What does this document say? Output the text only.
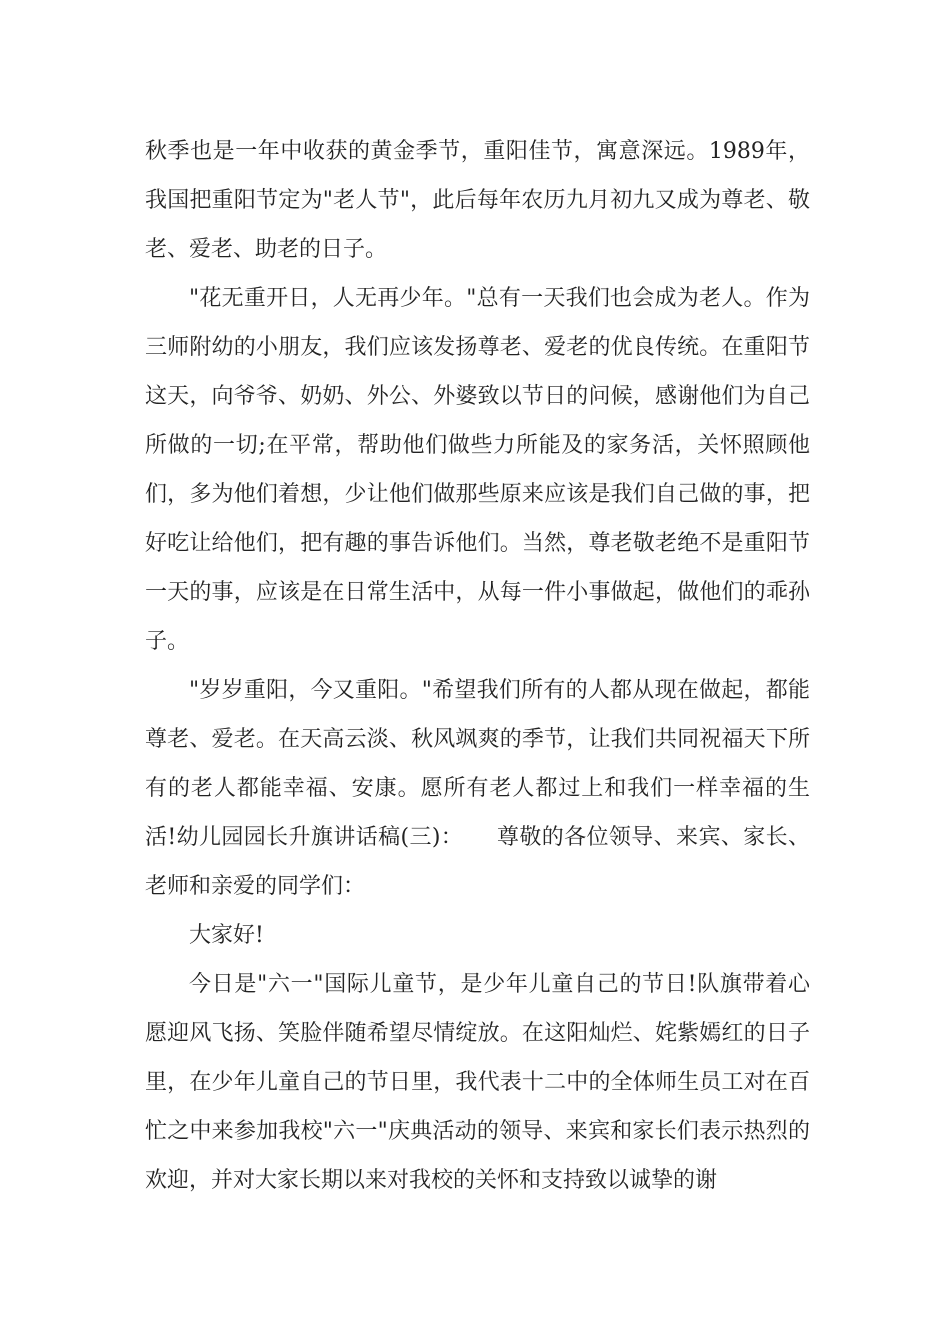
秋季也是一年中收获的黄金季节，重阳佳节，寓意深远。1989年，我国把重阳节定为"老人节"，此后每年农历九月初九又成为尊老、敬老、爱老、助老的日子。

"花无重开日，人无再少年。"总有一天我们也会成为老人。作为三师附幼的小朋友，我们应该发扬尊老、爱老的优良传统。在重阳节这天，向爷爷、奶奶、外公、外婆致以节日的问候，感谢他们为自己所做的一切;在平常，帮助他们做些力所能及的家务活，关怀照顾他们，多为他们着想，少让他们做那些原来应该是我们自己做的事，把好吃让给他们，把有趣的事告诉他们。当然，尊老敬老绝不是重阳节一天的事，应该是在日常生活中，从每一件小事做起，做他们的乖孙子。

"岁岁重阳，今又重阳。"希望我们所有的人都从现在做起，都能尊老、爱老。在天高云淡、秋风飒爽的季节，让我们共同祝福天下所有的老人都能幸福、安康。愿所有老人都过上和我们一样幸福的生活!幼儿园园长升旗讲话稿(三)：　　尊敬的各位领导、来宾、家长、老师和亲爱的同学们：

大家好!

今日是"六一"国际儿童节，是少年儿童自己的节日!队旗带着心愿迎风飞扬、笑脸伴随希望尽情绽放。在这阳灿烂、姹紫嫣红的日子里，在少年儿童自己的节日里，我代表十二中的全体师生员工对在百忙之中来参加我校"六一"庆典活动的领导、来宾和家长们表示热烈的欢迎，并对大家长期以来对我校的关怀和支持致以诚挚的谢
